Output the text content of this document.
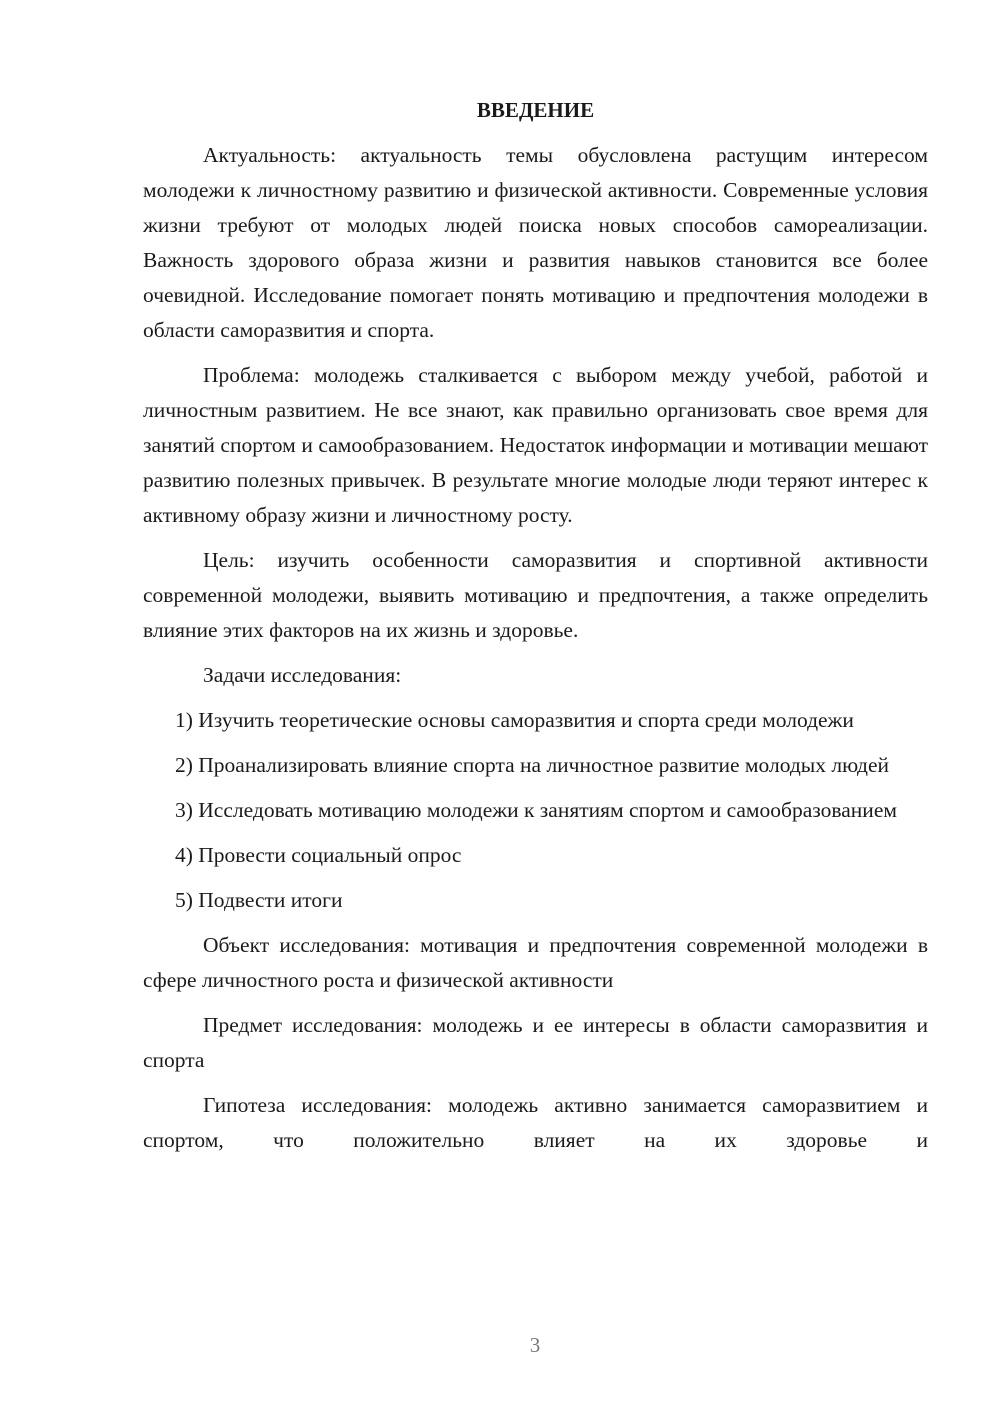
ВВЕДЕНИЕ

Актуальность: актуальность темы обусловлена растущим интересом молодежи к личностному развитию и физической активности. Современные условия жизни требуют от молодых людей поиска новых способов самореализации. Важность здорового образа жизни и развития навыков становится все более очевидной. Исследование помогает понять мотивацию и предпочтения молодежи в области саморазвития и спорта.

Проблема: молодежь сталкивается с выбором между учебой, работой и личностным развитием. Не все знают, как правильно организовать свое время для занятий спортом и самообразованием. Недостаток информации и мотивации мешают развитию полезных привычек. В результате многие молодые люди теряют интерес к активному образу жизни и личностному росту.

Цель: изучить особенности саморазвития и спортивной активности современной молодежи, выявить мотивацию и предпочтения, а также определить влияние этих факторов на их жизнь и здоровье.

Задачи исследования:

1) Изучить теоретические основы саморазвития и спорта среди молодежи

2) Проанализировать влияние спорта на личностное развитие молодых людей

3) Исследовать мотивацию молодежи к занятиям спортом и самообразованием

4) Провести социальный опрос

5) Подвести итоги

Объект исследования: мотивация и предпочтения современной молодежи в сфере личностного роста и физической активности

Предмет исследования: молодежь и ее интересы в области саморазвития и спорта

Гипотеза исследования: молодежь активно занимается саморазвитием и спортом, что положительно влияет на их здоровье и

3
